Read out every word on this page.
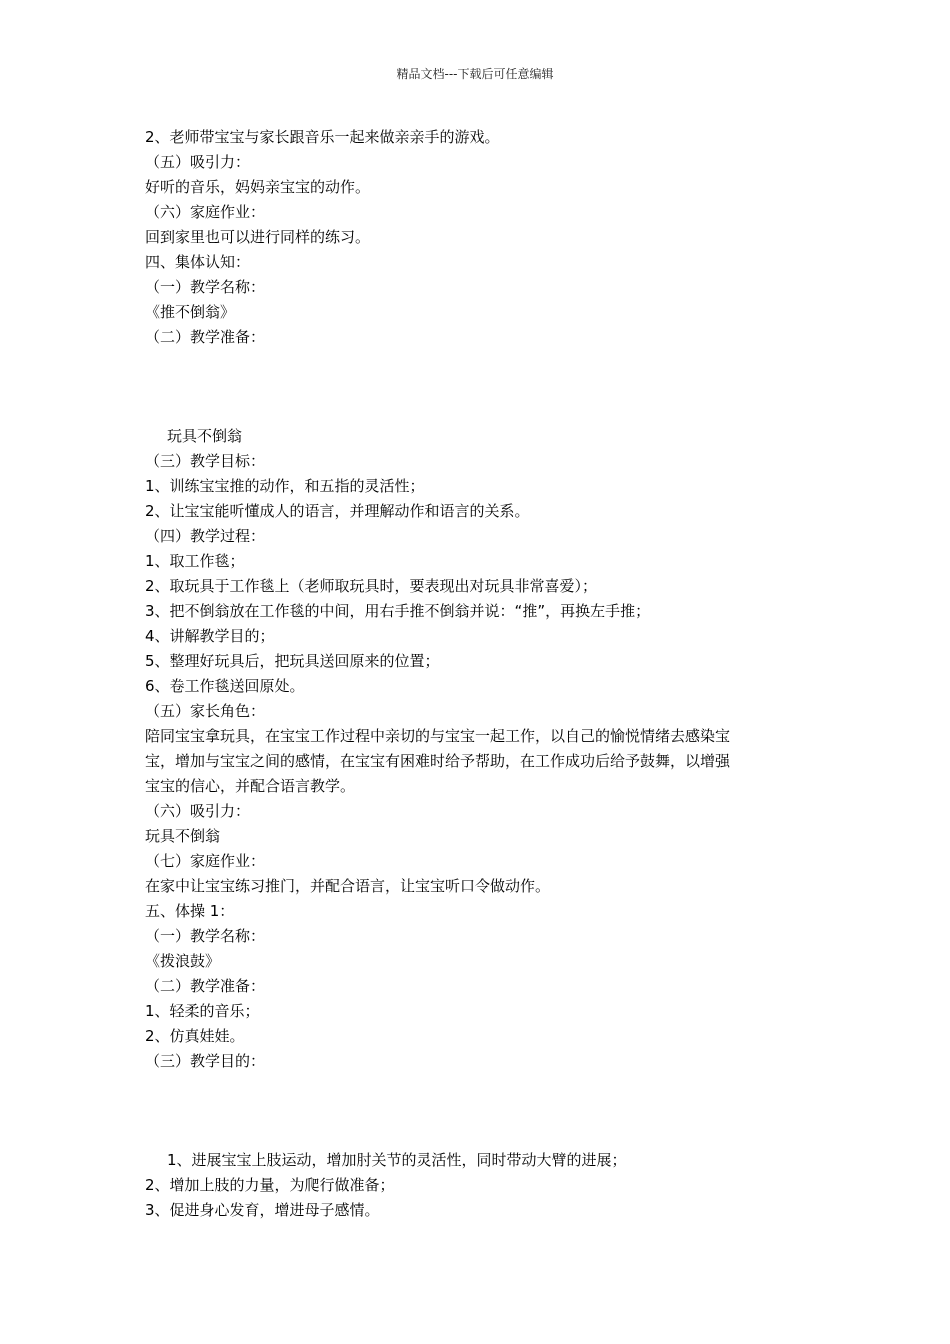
精品文档---下载后可任意编辑
2、老师带宝宝与家长跟音乐一起来做亲亲手的游戏。
（五）吸引力：
好听的音乐，妈妈亲宝宝的动作。
（六）家庭作业：
回到家里也可以进行同样的练习。
四、集体认知：
（一）教学名称：
《推不倒翁》
（二）教学准备：
玩具不倒翁
（三）教学目标：
1、训练宝宝推的动作，和五指的灵活性；
2、让宝宝能听懂成人的语言，并理解动作和语言的关系。
（四）教学过程：
1、取工作毯；
2、取玩具于工作毯上（老师取玩具时，要表现出对玩具非常喜爱）；
3、把不倒翁放在工作毯的中间，用右手推不倒翁并说：“推”，再换左手推；
4、讲解教学目的；
5、整理好玩具后，把玩具送回原来的位置；
6、卷工作毯送回原处。
（五）家长角色：
陪同宝宝拿玩具，在宝宝工作过程中亲切的与宝宝一起工作，以自己的愉悦情绪去感染宝
宝，增加与宝宝之间的感情，在宝宝有困难时给予帮助，在工作成功后给予鼓舞，以增强
宝宝的信心，并配合语言教学。
（六）吸引力：
玩具不倒翁
（七）家庭作业：
在家中让宝宝练习推门，并配合语言，让宝宝听口令做动作。
五、体操 1：
（一）教学名称：
《拨浪鼓》
（二）教学准备：
1、轻柔的音乐；
2、仿真娃娃。
（三）教学目的：
1、进展宝宝上肢运动，增加肘关节的灵活性，同时带动大臂的进展；
2、增加上肢的力量，为爬行做准备；
3、促进身心发育，增进母子感情。
